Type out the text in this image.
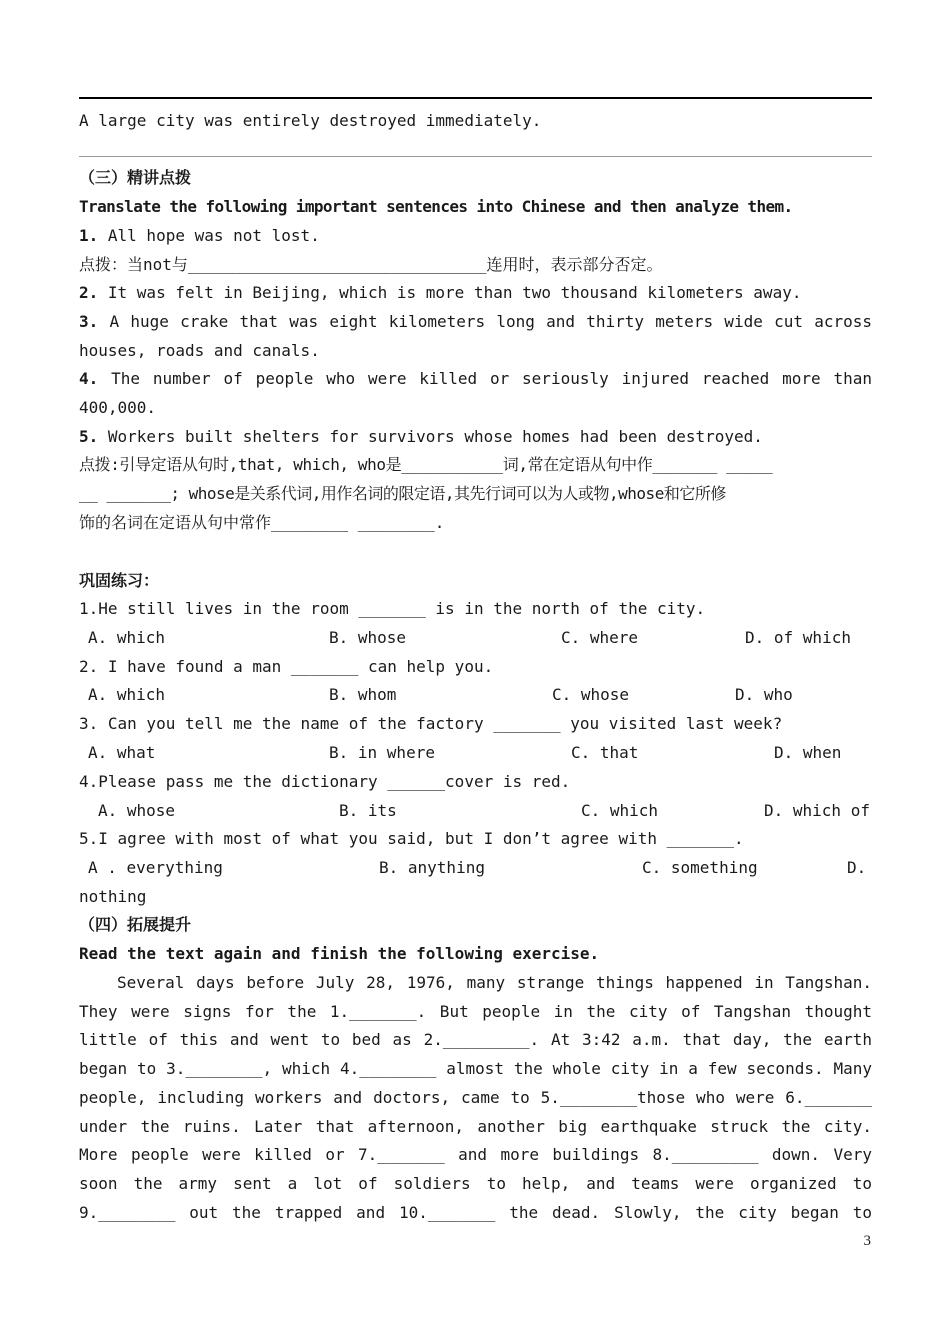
A large city was entirely destroyed immediately.
（三）精讲点拨
Translate the following important sentences into Chinese and then analyze them.
1. All hope was not lost.
点拨：当not与_______________________________连用时，表示部分否定。
2. It was felt in Beijing, which is more than two thousand kilometers away.
3. A huge crake that was eight kilometers long and thirty meters wide cut across
houses, roads and canals.
4. The number of people who were killed or seriously injured reached more than
400,000.
5. Workers built shelters for survivors whose homes had been destroyed.
点拨:引导定语从句时,that, which, who是___________词,常在定语从句中作_______ _____
__ _______; whose是关系代词,用作名词的限定语,其先行词可以为人或物,whose和它所修
饰的名词在定语从句中常作________ ________.
巩固练习：
1.He still lives in the room _______ is in the north of the city.
A. which	B. whose	C. where	D. of which
2. I have found a man _______ can help you.
A. which	B. whom	C. whose	D. who
3. Can you tell me the name of the factory _______ you visited last week?
A. what	B. in where	C. that	D. when
4.Please pass me the dictionary ______cover is red.
A. whose	B. its	C. which	D. which of
5.I agree with most of what you said, but I don’t agree with _______.
A . everything	B. anything	C. something	D.
nothing
（四）拓展提升
Read the text again and finish the following exercise.
Several days before July 28, 1976, many strange things happened in Tangshan.
They were signs for the 1._______. But people in the city of Tangshan thought
little of this and went to bed as 2._________. At 3:42 a.m. that day, the earth
began to 3.________, which 4.________ almost the whole city in a few seconds. Many
people, including workers and doctors, came to 5.________those who were 6._______
under the ruins. Later that afternoon, another big earthquake struck the city.
More people were killed or 7._______ and more buildings 8._________ down. Very
soon the army sent a lot of soldiers to help, and teams were organized to
9.________ out the trapped and 10._______ the dead. Slowly, the city began to
3
